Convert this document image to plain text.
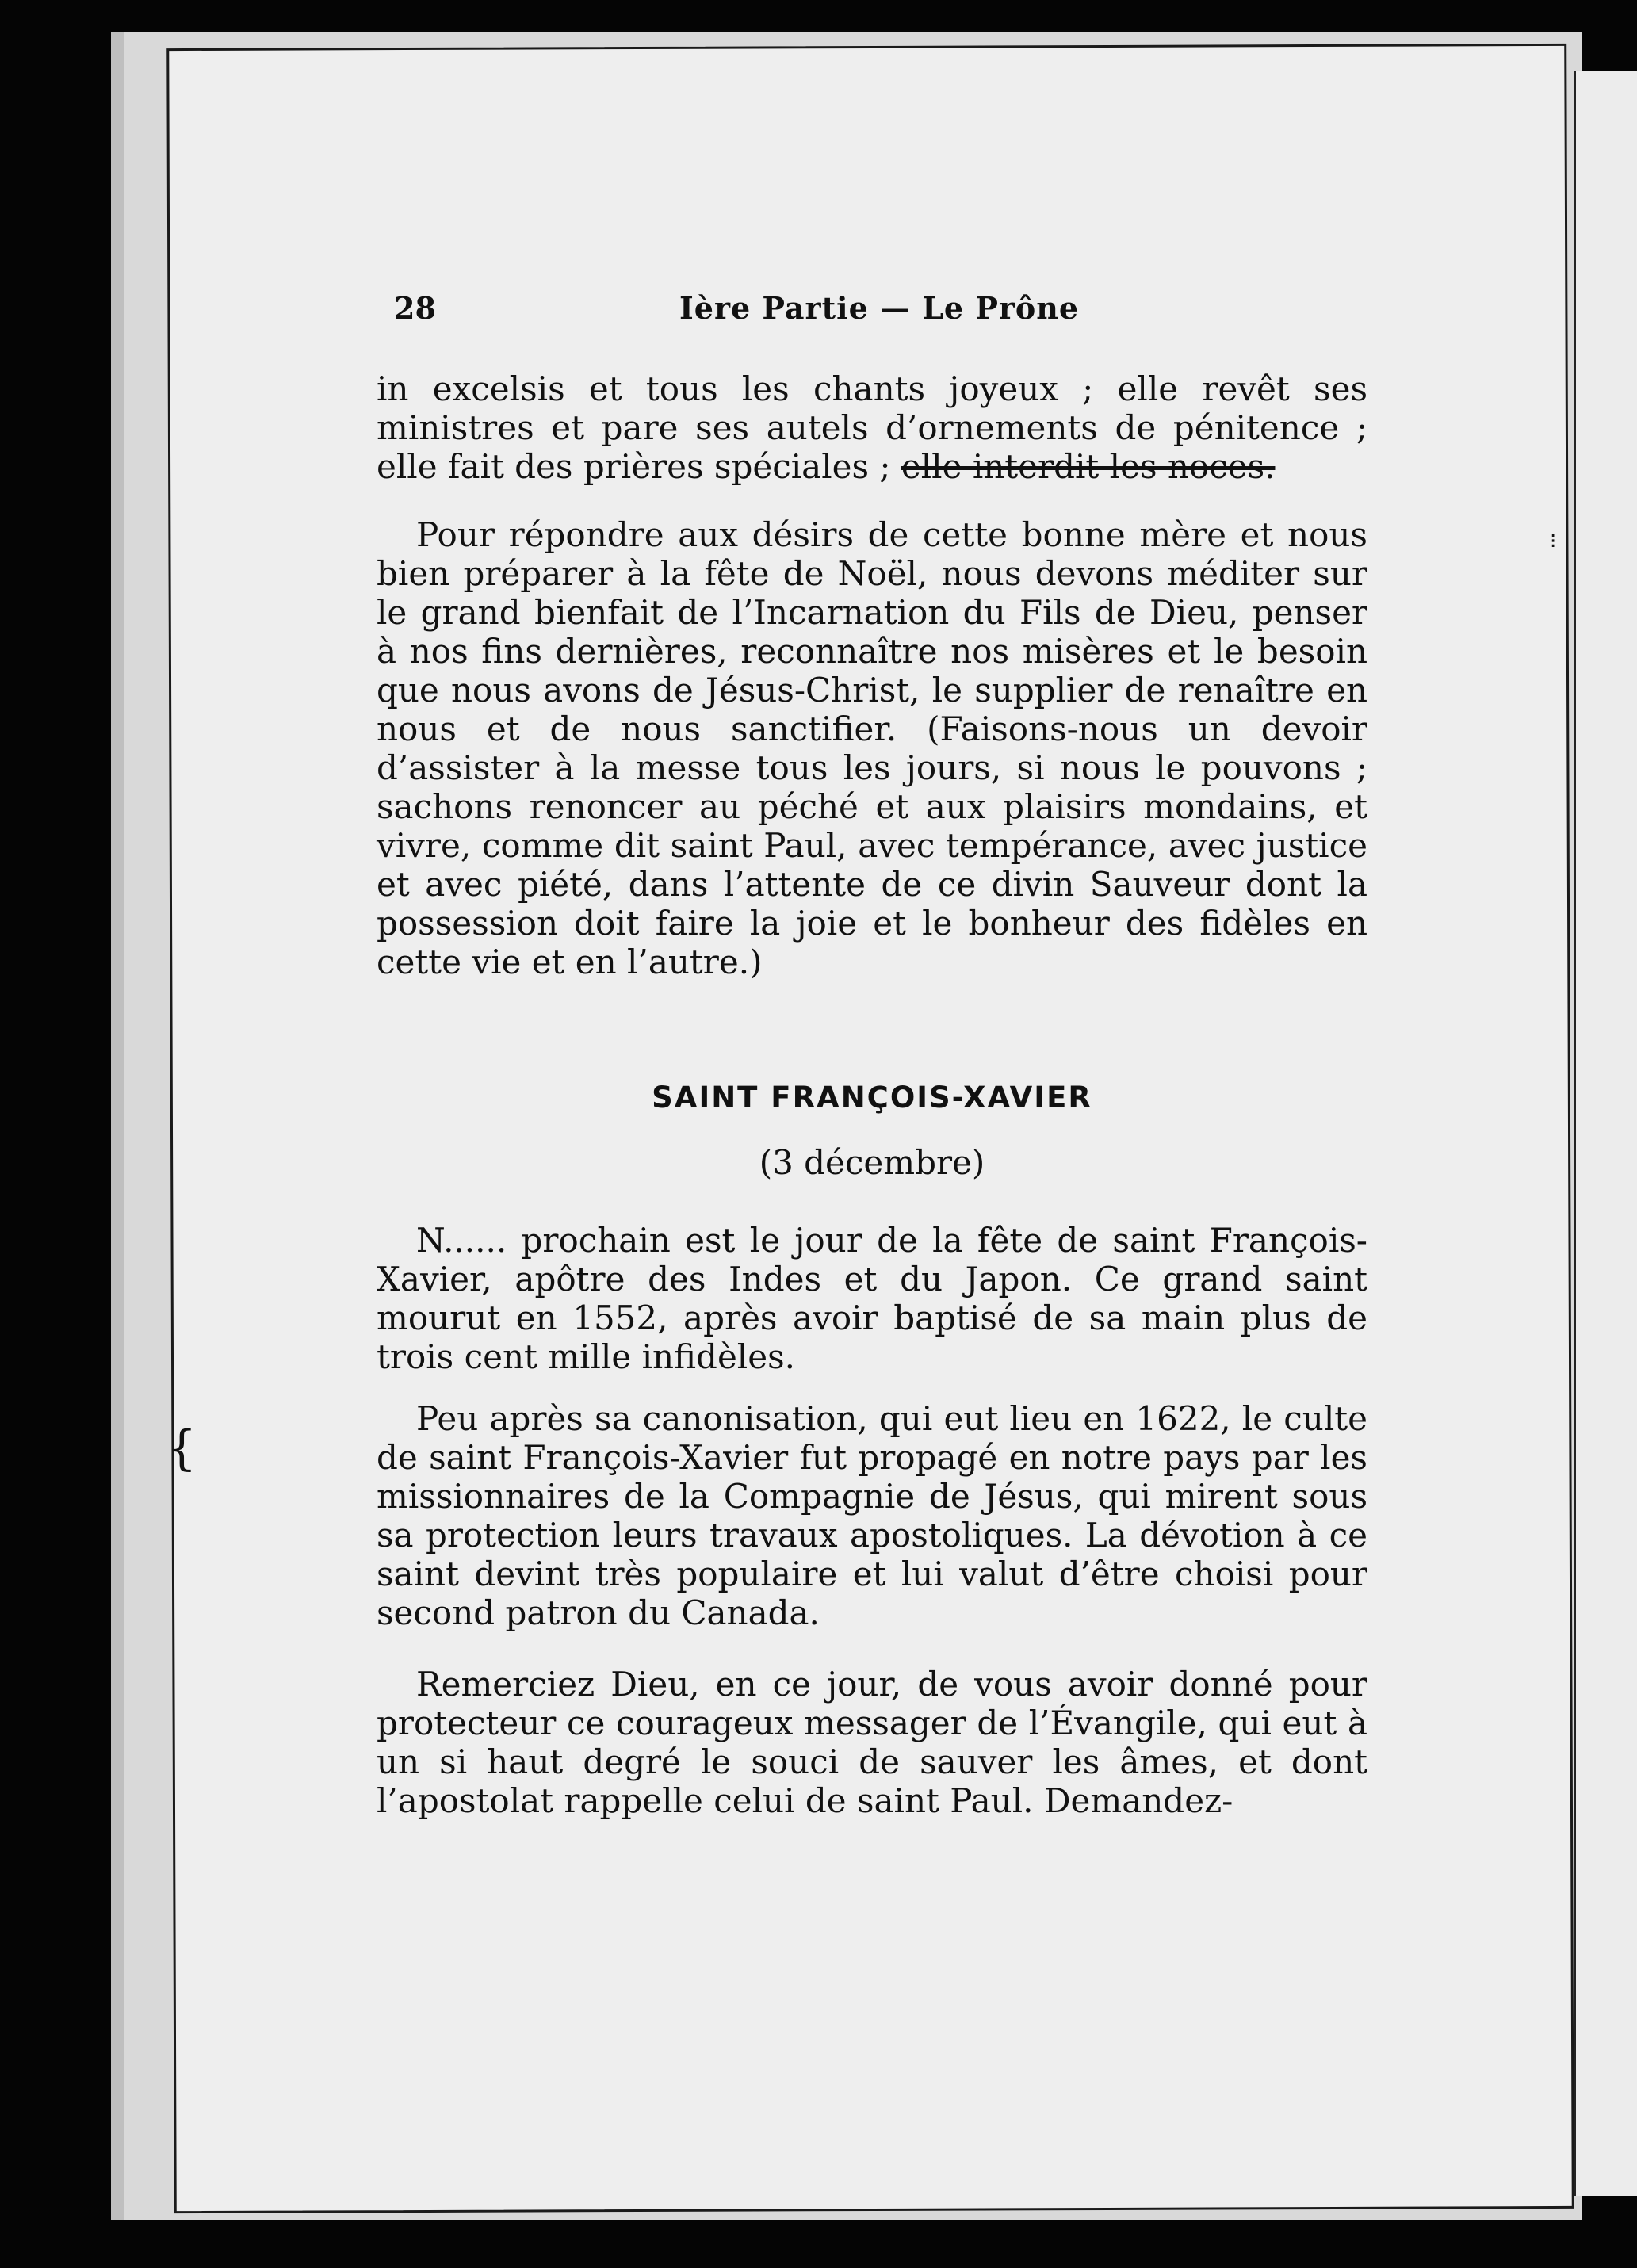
28	Ière Partie — Le Prône

in excelsis et tous les chants joyeux ; elle revêt ses ministres et pare ses autels d’ornements de pénitence ; elle fait des prières spéciales ; elle interdit les noces.

Pour répondre aux désirs de cette bonne mère et nous bien préparer à la fête de Noël, nous devons méditer sur le grand bienfait de l’Incarnation du Fils de Dieu, penser à nos fins dernières, reconnaître nos misères et le besoin que nous avons de Jésus-Christ, le supplier de renaître en nous et de nous sanctifier. (Faisons-nous un devoir d’assister à la messe tous les jours, si nous le pouvons ; sachons renoncer au péché et aux plaisirs mondains, et vivre, comme dit saint Paul, avec tempérance, avec justice et avec piété, dans l’attente de ce divin Sauveur dont la possession doit faire la joie et le bonheur des fidèles en cette vie et en l’autre.)

SAINT FRANÇOIS-XAVIER
(3 décembre)

N...... prochain est le jour de la fête de saint François-Xavier, apôtre des Indes et du Japon. Ce grand saint mourut en 1552, après avoir baptisé de sa main plus de trois cent mille infidèles.

Peu après sa canonisation, qui eut lieu en 1622, le culte de saint François-Xavier fut propagé en notre pays par les missionnaires de la Compagnie de Jésus, qui mirent sous sa protection leurs travaux apostoliques. La dévotion à ce saint devint très populaire et lui valut d’être choisi pour second patron du Canada.

Remerciez Dieu, en ce jour, de vous avoir donné pour protecteur ce courageux messager de l’Évangile, qui eut à un si haut degré le souci de sauver les âmes, et dont l’apostolat rappelle celui de saint Paul. Demandez-

{
⁝
